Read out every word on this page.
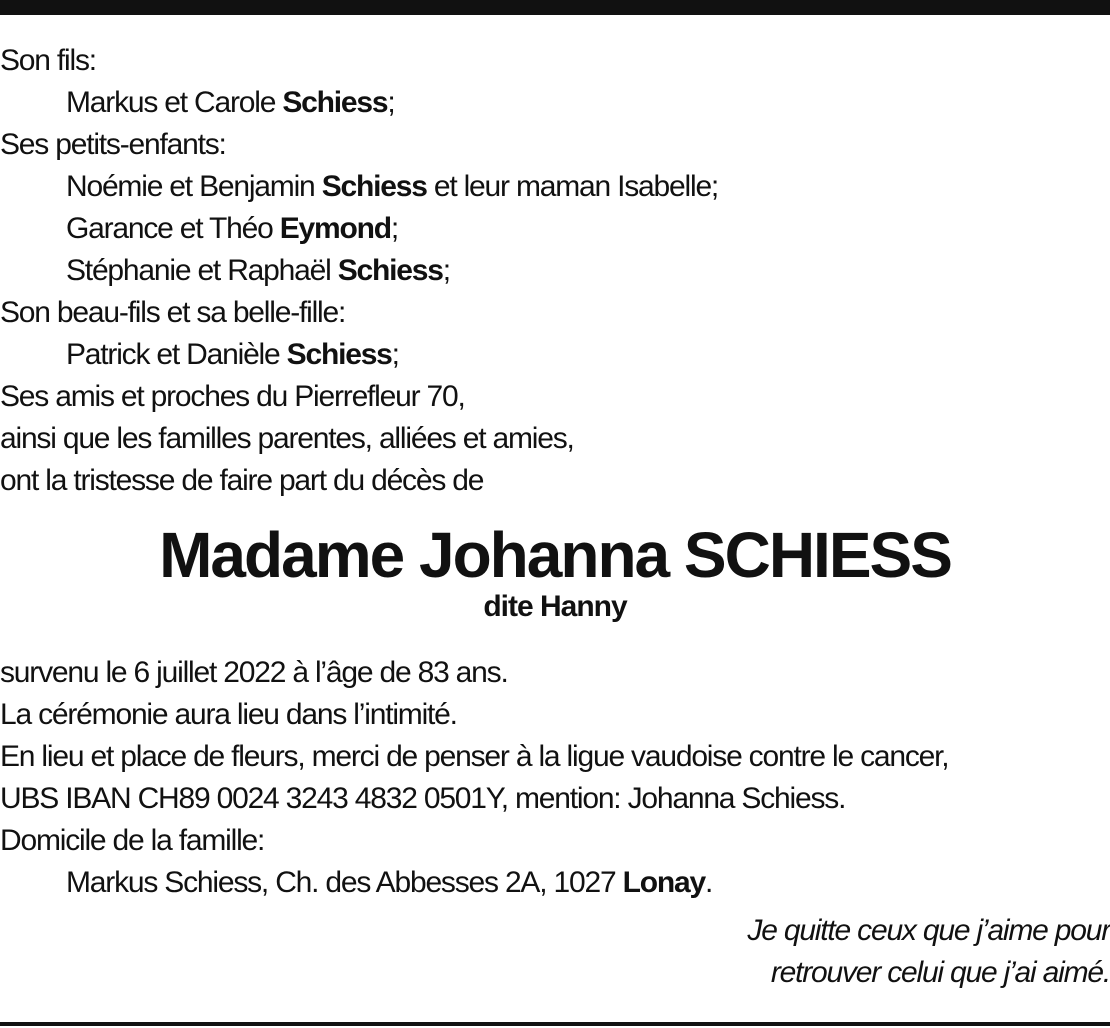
Son fils:
Markus et Carole Schiess;
Ses petits-enfants:
Noémie et Benjamin Schiess et leur maman Isabelle;
Garance et Théo Eymond;
Stéphanie et Raphaël Schiess;
Son beau-fils et sa belle-fille:
Patrick et Danièle Schiess;
Ses amis et proches du Pierrefleur 70,
ainsi que les familles parentes, alliées et amies,
ont la tristesse de faire part du décès de
Madame Johanna SCHIESS
dite Hanny
survenu le 6 juillet 2022 à l’âge de 83 ans.
La cérémonie aura lieu dans l’intimité.
En lieu et place de fleurs, merci de penser à la ligue vaudoise contre le cancer,
UBS IBAN CH89 0024 3243 4832 0501Y, mention: Johanna Schiess.
Domicile de la famille:
Markus Schiess, Ch. des Abbesses 2A, 1027 Lonay.
Je quitte ceux que j’aime pour
retrouver celui que j’ai aimé.
